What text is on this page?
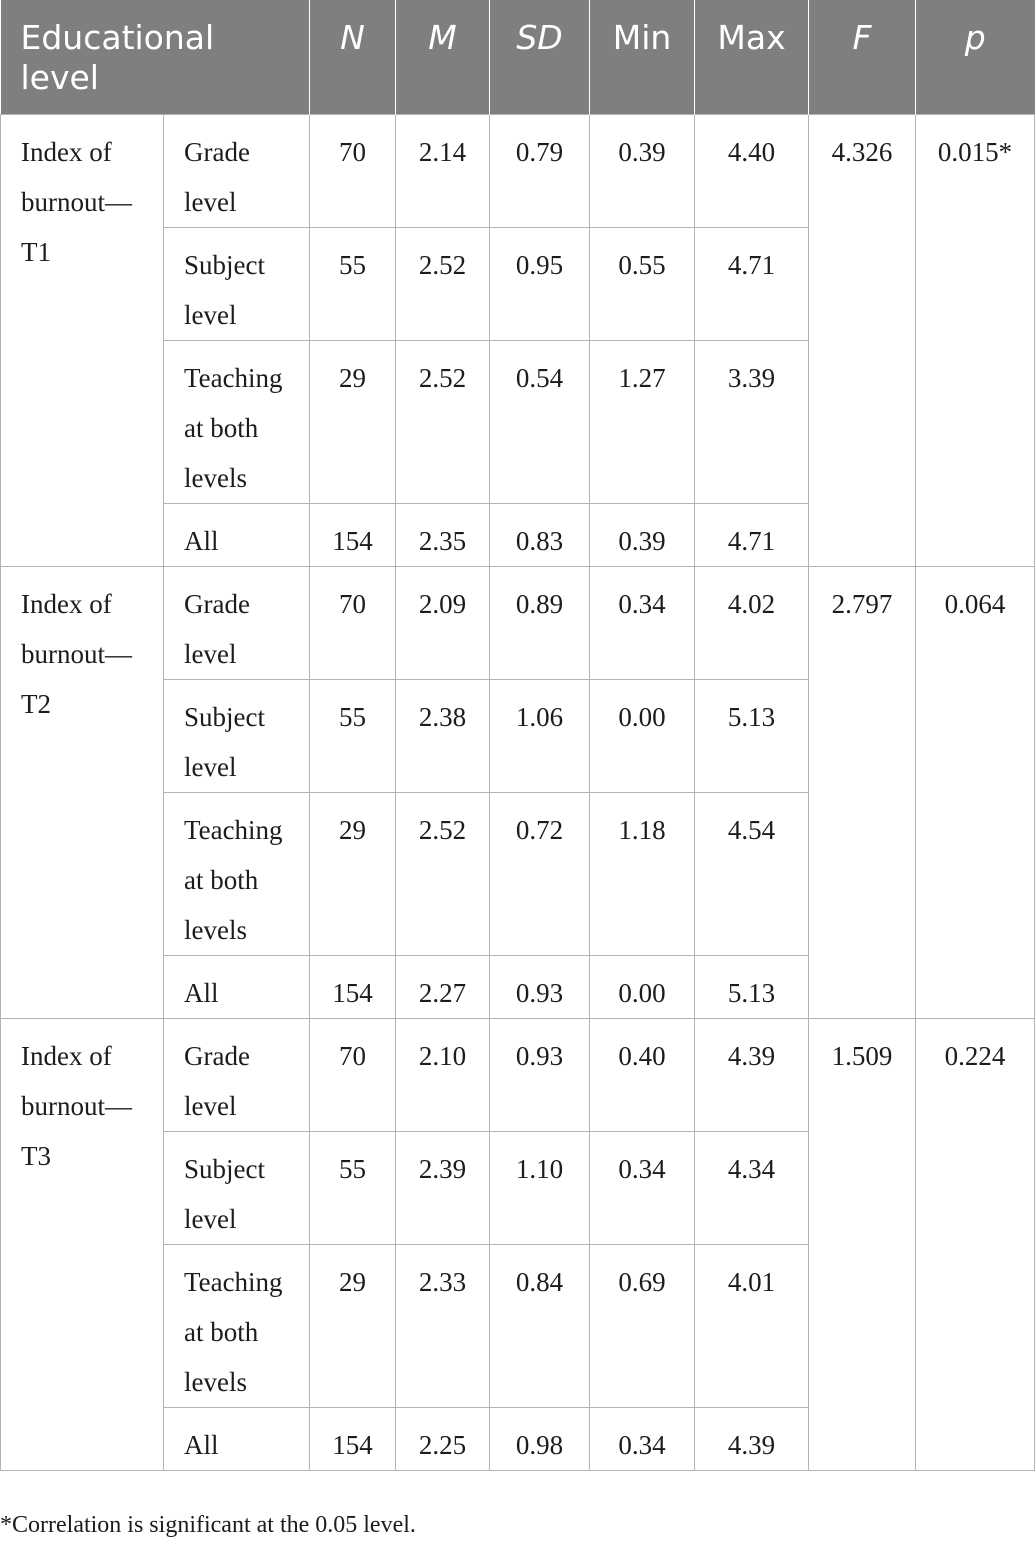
Educational level		N	M	SD	Min	Max	F	p
Index of burnout—T1	Grade level	70	2.14	0.79	0.39	4.40	4.326	0.015*
	Subject level	55	2.52	0.95	0.55	4.71		
	Teaching at both levels	29	2.52	0.54	1.27	3.39		
	All	154	2.35	0.83	0.39	4.71		
Index of burnout—T2	Grade level	70	2.09	0.89	0.34	4.02	2.797	0.064
	Subject level	55	2.38	1.06	0.00	5.13		
	Teaching at both levels	29	2.52	0.72	1.18	4.54		
	All	154	2.27	0.93	0.00	5.13		
Index of burnout—T3	Grade level	70	2.10	0.93	0.40	4.39	1.509	0.224
	Subject level	55	2.39	1.10	0.34	4.34		
	Teaching at both levels	29	2.33	0.84	0.69	4.01		
	All	154	2.25	0.98	0.34	4.39		
*Correlation is significant at the 0.05 level.
